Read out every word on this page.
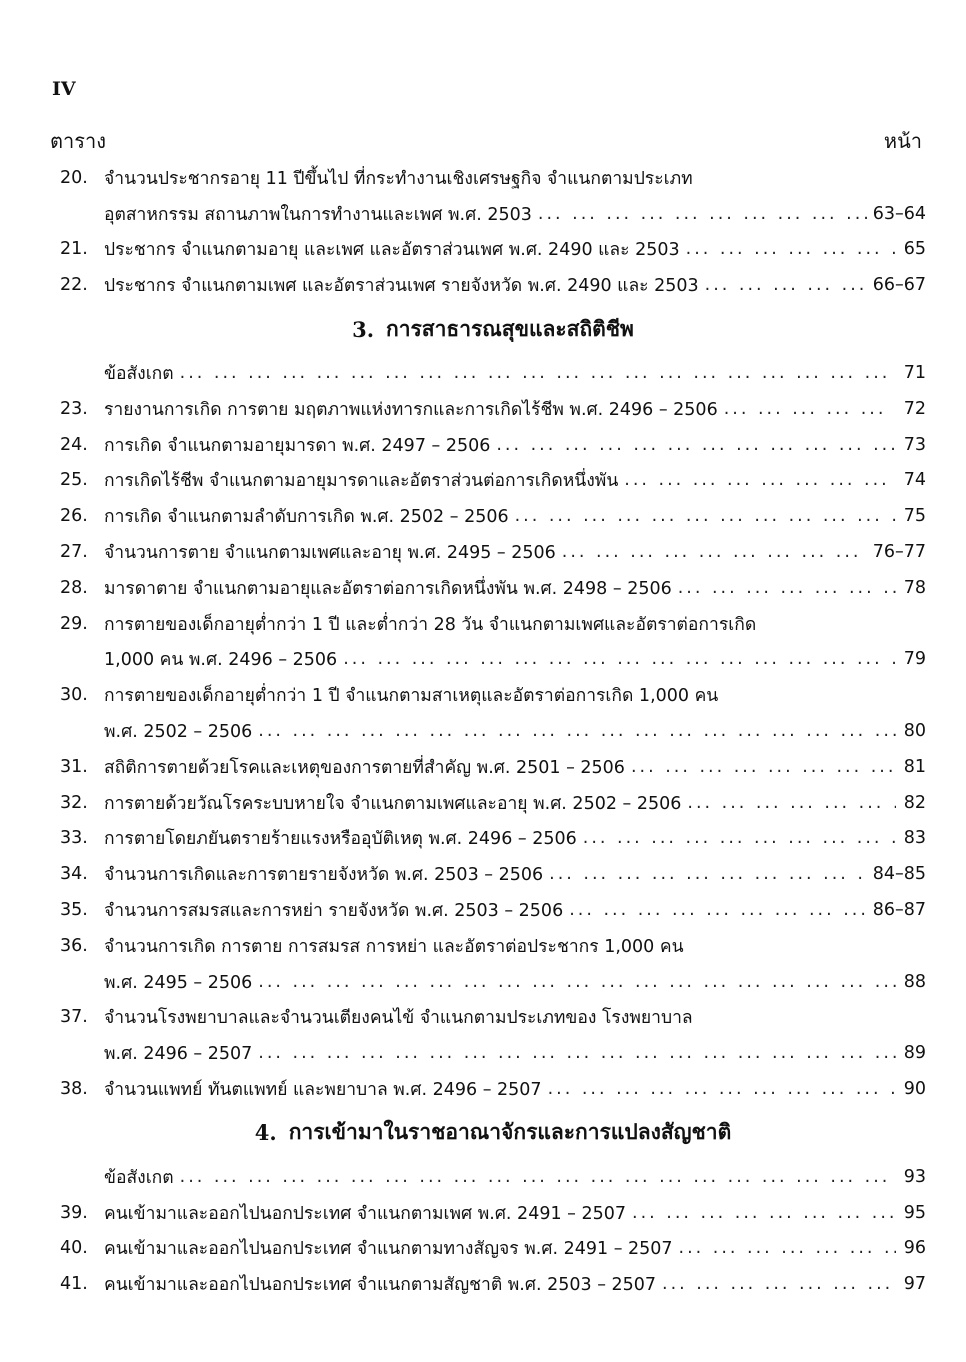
IV
ตาราง	หน้า
20. จำนวนประชากรอายุ 11 ปีขึ้นไป ที่กระทำงานเชิงเศรษฐกิจ จำแนกตามประเภท
อุตสาหกรรม สถานภาพในการทำงานและเพศ พ.ศ. 2503 ... .	63–64
21. ประชากร จำแนกตามอายุ และเพศ และอัตราส่วนเพศ พ.ศ. 2490 และ 2503 ... .	65
22. ประชากร จำแนกตามเพศ และอัตราส่วนเพศ รายจังหวัด พ.ศ. 2490 และ 2503 ... .	66–67
3. การสาธารณสุขและสถิติชีพ
ข้อสังเกต ... .	71
23. รายงานการเกิด การตาย มฤตภาพแห่งทารกและการเกิดไร้ชีพ พ.ศ. 2496 – 2506 ... .	72
24. การเกิด จำแนกตามอายุมารดา พ.ศ. 2497 – 2506 ... .	73
25. การเกิดไร้ชีพ จำแนกตามอายุมารดาและอัตราส่วนต่อการเกิดหนึ่งพัน ... .	74
26. การเกิด จำแนกตามลำดับการเกิด พ.ศ. 2502 – 2506 ... .	75
27. จำนวนการตาย จำแนกตามเพศและอายุ พ.ศ. 2495 – 2506 ... .	76–77
28. มารดาตาย จำแนกตามอายุและอัตราต่อการเกิดหนึ่งพัน พ.ศ. 2498 – 2506 ... .	78
29. การตายของเด็กอายุต่ำกว่า 1 ปี และต่ำกว่า 28 วัน จำแนกตามเพศและอัตราต่อการเกิด
1,000 คน พ.ศ. 2496 – 2506 ... .	79
30. การตายของเด็กอายุต่ำกว่า 1 ปี จำแนกตามสาเหตุและอัตราต่อการเกิด 1,000 คน
พ.ศ. 2502 – 2506 ... .	80
31. สถิติการตายด้วยโรคและเหตุของการตายที่สำคัญ พ.ศ. 2501 – 2506 ... .	81
32. การตายด้วยวัณโรคระบบหายใจ จำแนกตามเพศและอายุ พ.ศ. 2502 – 2506 ... .	82
33. การตายโดยภยันตรายร้ายแรงหรืออุบัติเหตุ พ.ศ. 2496 – 2506 ... .	83
34. จำนวนการเกิดและการตายรายจังหวัด พ.ศ. 2503 – 2506 ... .	84–85
35. จำนวนการสมรสและการหย่า รายจังหวัด พ.ศ. 2503 – 2506 ... .	86–87
36. จำนวนการเกิด การตาย การสมรส การหย่า และอัตราต่อประชากร 1,000 คน
พ.ศ. 2495 – 2506 ... .	88
37. จำนวนโรงพยาบาลและจำนวนเตียงคนไข้ จำแนกตามประเภทของ โรงพยาบาล
พ.ศ. 2496 – 2507 ... .	89
38. จำนวนแพทย์ ทันตแพทย์ และพยาบาล พ.ศ. 2496 – 2507 ... .	90
4. การเข้ามาในราชอาณาจักรและการแปลงสัญชาติ
ข้อสังเกต ... .	93
39. คนเข้ามาและออกไปนอกประเทศ จำแนกตามเพศ พ.ศ. 2491 – 2507 ... .	95
40. คนเข้ามาและออกไปนอกประเทศ จำแนกตามทางสัญจร พ.ศ. 2491 – 2507 ... .	96
41. คนเข้ามาและออกไปนอกประเทศ จำแนกตามสัญชาติ พ.ศ. 2503 – 2507 ... .	97
